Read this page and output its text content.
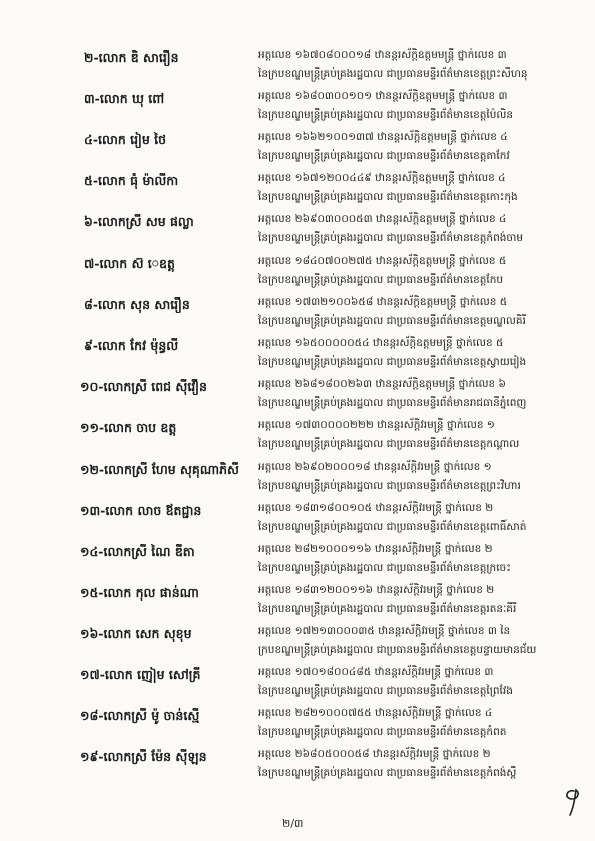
២-លោក ឌិ សារឿន	អត្តលេខ ១៦៧០៨០០០១៨ ឋានន្តរស័ក្តិឧត្តមមន្ត្រី ថ្នាក់លេខ ៣
នៃក្របខណ្ឌមន្ត្រីគ្រប់គ្រងរដ្ឋបាល ជាប្រធានមន្ទីរព័ត៌មានខេត្តព្រះសីហនុ
៣-លោក ឃុ ពៅ	អត្តលេខ ១៦៨០៣០០១០១ ឋានន្តរស័ក្តិឧត្តមមន្ត្រី ថ្នាក់លេខ ៣
នៃក្របខណ្ឌមន្ត្រីគ្រប់គ្រងរដ្ឋបាល ជាប្រធានមន្ទីរព័ត៌មានខេត្តប៉ៃលិន
៤-លោក រៀម ថៃ	អត្តលេខ ១៦៦២១០០១៣៧ ឋានន្តរស័ក្តិឧត្តមមន្ត្រី ថ្នាក់លេខ ៤
នៃក្របខណ្ឌមន្ត្រីគ្រប់គ្រងរដ្ឋបាល ជាប្រធានមន្ទីរព័ត៌មានខេត្តតាកែវ
៥-លោក ធុំ ម៉ាលីកា	អត្តលេខ ១៦៧១២០០៤៤៩ ឋានន្តរស័ក្តិឧត្តមមន្ត្រី ថ្នាក់លេខ ៤
នៃក្របខណ្ឌមន្ត្រីគ្រប់គ្រងរដ្ឋបាល ជាប្រធានមន្ទីរព័ត៌មានខេត្តកោះកុង
៦-លោកស្រី សម ផល្លា	អត្តលេខ ២៦៩០៣០០០៥៣ ឋានន្តរស័ក្តិឧត្តមមន្ត្រី ថ្នាក់លេខ ៤
នៃក្របខណ្ឌមន្ត្រីគ្រប់គ្រងរដ្ឋបាល ជាប្រធានមន្ទីរព័ត៌មានខេត្តកំពង់ចាម
៧-លោក ស៊ េឧត្តុ	អត្តលេខ ១៨៤០៧០០២៧៥ ឋានន្តរស័ក្តិឧត្តមមន្ត្រី ថ្នាក់លេខ ៥
នៃក្របខណ្ឌមន្ត្រីគ្រប់គ្រងរដ្ឋបាល ជាប្រធានមន្ទីរព័ត៌មានខេត្តកែប
៨-លោក សុន សារឿន	អត្តលេខ ១៧៣២១០០៦៥៨ ឋានន្តរស័ក្តិឧត្តមមន្ត្រី ថ្នាក់លេខ ៥
នៃក្របខណ្ឌមន្ត្រីគ្រប់គ្រងរដ្ឋបាល ជាប្រធានមន្ទីរព័ត៌មានខេត្តមណ្ឌលគិរី
៩-លោក កែវ ម៉ុន្ធលី	អត្តលេខ ១៦៥០០០០០៥៤ ឋានន្តរស័ក្តិឧត្តមមន្ត្រី ថ្នាក់លេខ ៥
នៃក្របខណ្ឌមន្ត្រីគ្រប់គ្រងរដ្ឋបាល ជាប្រធានមន្ទីរព័ត៌មានខេត្តស្វាយរៀង
១០-លោកស្រី ពេជ ស៊ីវឿន	អត្តលេខ ២៦៨១៨០០២៦៣ ឋានន្តរស័ក្តិឧត្តមមន្ត្រី ថ្នាក់លេខ ៦
នៃក្របខណ្ឌមន្ត្រីគ្រប់គ្រងរដ្ឋបាល ជាប្រធានមន្ទីរព័ត៌មានរាជធានីភ្នំពេញ
១១-លោក ចាប ឧត្តុ	អត្តលេខ ១៧៣០០០០២២២ ឋានន្តរស័ក្តិវរមន្ត្រី ថ្នាក់លេខ ១
នៃក្របខណ្ឌមន្ត្រីគ្រប់គ្រងរដ្ឋបាល ជាប្រធានមន្ទីរព័ត៌មានខេត្តកណ្ដាល
១២-លោកស្រី ហែម សុគុណាភិសី	អត្តលេខ ២៦៩០២០០០១៨ ឋានន្តរស័ក្តិវរមន្ត្រី ថ្នាក់លេខ ១
នៃក្របខណ្ឌមន្ត្រីគ្រប់គ្រងរដ្ឋបាល ជាប្រធានមន្ទីរព័ត៌មានខេត្តព្រះវិហារ
១៣-លោក លាច ឪតជ្ជាន	អត្តលេខ ១៨៣១៨០០១០៥ ឋានន្តរស័ក្តិវរមន្ត្រី ថ្នាក់លេខ ២
នៃក្របខណ្ឌមន្ត្រីគ្រប់គ្រងរដ្ឋបាល ជាប្រធានមន្ទីរព័ត៌មានខេត្តពោធិ៍សាត់
១៤-លោកស្រី ណៃ ឌីតា	អត្តលេខ ២៨២១០០០១១៦ ឋានន្តរស័ក្តិវរមន្ត្រី ថ្នាក់លេខ ២
នៃក្របខណ្ឌមន្ត្រីគ្រប់គ្រងរដ្ឋបាល ជាប្រធានមន្ទីរព័ត៌មានខេត្តក្រចេះ
១៥-លោក កុល ផាន់ណា	អត្តលេខ ១៨៣១២០០១១៦ ឋានន្តរស័ក្តិវរមន្ត្រី ថ្នាក់លេខ ២
នៃក្របខណ្ឌមន្ត្រីគ្រប់គ្រងរដ្ឋបាល ជាប្រធានមន្ទីរព័ត៌មានខេត្តរតនៈគីរី
១៦-លោក សេក សុខុម	អត្តលេខ ១៧២១៣០០០៣៥ ឋានន្តរស័ក្តិវរមន្ត្រី ថ្នាក់លេខ ៣ នៃ
ក្របខណ្ឌមន្ត្រីគ្រប់គ្រងរដ្ឋបាល ជាប្រធានមន្ទីរព័ត៌មានខេត្តបន្ទាយមានជ័យ
១៧-លោក ញៀម សៅគ្រី	អត្តលេខ ១៧០១៨០០៤៨៥ ឋានន្តរស័ក្តិវរមន្ត្រី ថ្នាក់លេខ ៣
នៃក្របខណ្ឌមន្ត្រីគ្រប់គ្រងរដ្ឋបាល ជាប្រធានមន្ទីរព័ត៌មានខេត្តព្រៃវែង
១៨-លោកស្រី ម៉ូ ចាន់ស្មើ	អត្តលេខ ២៨២១០០០៧៥៥ ឋានន្តរស័ក្តិវរមន្ត្រី ថ្នាក់លេខ ៤
នៃក្របខណ្ឌមន្ត្រីគ្រប់គ្រងរដ្ឋបាល ជាប្រធានមន្ទីរព័ត៌មានខេត្តកំពត
១៩-លោកស្រី ម៉ែន ស៊ីឡុន	អត្តលេខ ២៦៨០៥០០០៥៨ ឋានន្តរស័ក្តិវរមន្ត្រី ថ្នាក់លេខ ២
នៃក្របខណ្ឌមន្ត្រីគ្រប់គ្រងរដ្ឋបាល ជាប្រធានមន្ទីរព័ត៌មានខេត្តកំពង់ស្ពឺ
២/៣
